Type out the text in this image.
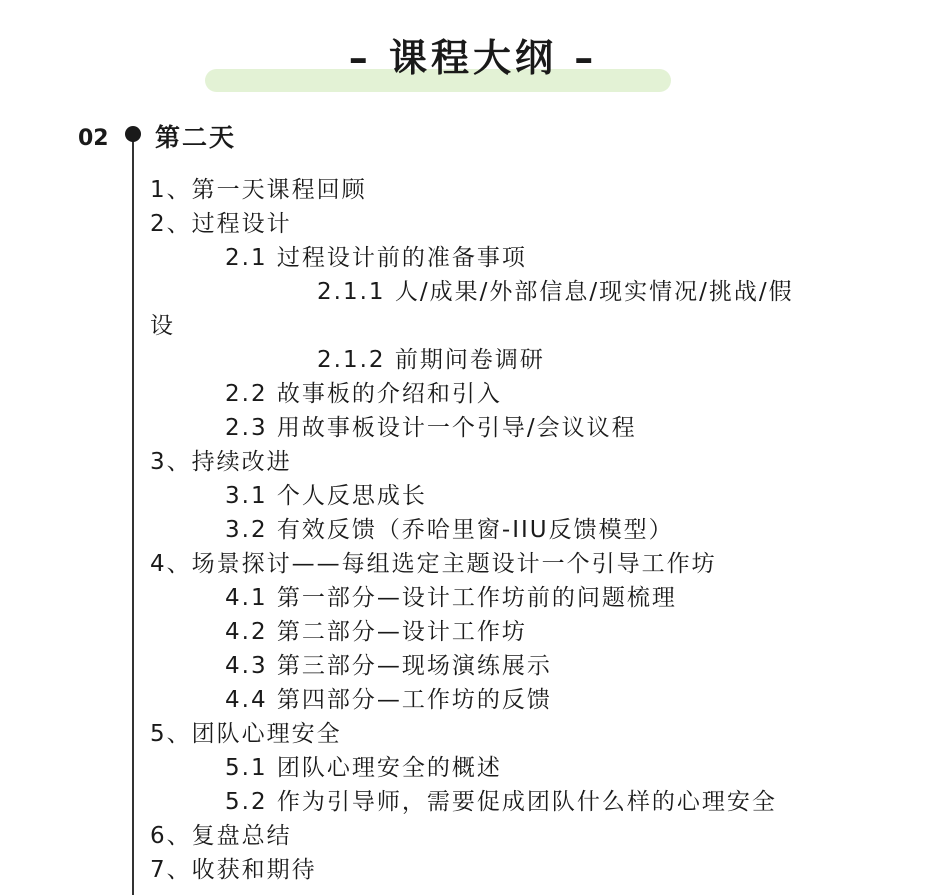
– 课程大纲 –
02 第二天
1、第一天课程回顾
2、过程设计
2.1 过程设计前的准备事项
2.1.1 人/成果/外部信息/现实情况/挑战/假
设
2.1.2 前期问卷调研
2.2 故事板的介绍和引入
2.3 用故事板设计一个引导/会议议程
3、持续改进
3.1 个人反思成长
3.2 有效反馈（乔哈里窗-IIU反馈模型）
4、场景探讨——每组选定主题设计一个引导工作坊
4.1 第一部分—设计工作坊前的问题梳理
4.2 第二部分—设计工作坊
4.3 第三部分—现场演练展示
4.4 第四部分—工作坊的反馈
5、团队心理安全
5.1 团队心理安全的概述
5.2 作为引导师，需要促成团队什么样的心理安全
6、复盘总结
7、收获和期待
